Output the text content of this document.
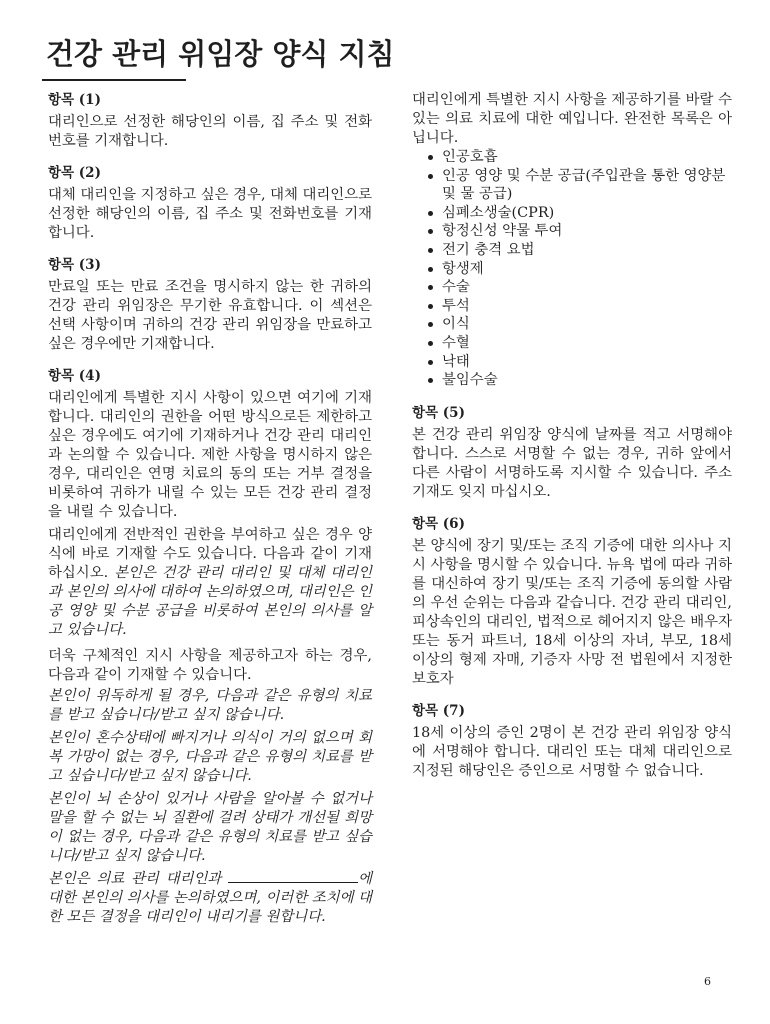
건강 관리 위임장 양식 지침
항목 (1)

대리인으로 선정한 해당인의 이름, 집 주소 및 전화번호를 기재합니다.

항목 (2)

대체 대리인을 지정하고 싶은 경우, 대체 대리인으로 선정한 해당인의 이름, 집 주소 및 전화번호를 기재합니다.

항목 (3)

만료일 또는 만료 조건을 명시하지 않는 한 귀하의 건강 관리 위임장은 무기한 유효합니다. 이 섹션은 선택 사항이며 귀하의 건강 관리 위임장을 만료하고 싶은 경우에만 기재합니다.

항목 (4)

대리인에게 특별한 지시 사항이 있으면 여기에 기재합니다. 대리인의 권한을 어떤 방식으로든 제한하고 싶은 경우에도 여기에 기재하거나 건강 관리 대리인과 논의할 수 있습니다. 제한 사항을 명시하지 않은 경우, 대리인은 연명 치료의 동의 또는 거부 결정을 비롯하여 귀하가 내릴 수 있는 모든 건강 관리 결정을 내릴 수 있습니다.

대리인에게 전반적인 권한을 부여하고 싶은 경우 양식에 바로 기재할 수도 있습니다. 다음과 같이 기재하십시오. 본인은 건강 관리 대리인 및 대체 대리인과 본인의 의사에 대하여 논의하였으며, 대리인은 인공 영양 및 수분 공급을 비롯하여 본인의 의사를 알고 있습니다.

더욱 구체적인 지시 사항을 제공하고자 하는 경우, 다음과 같이 기재할 수 있습니다.

본인이 위독하게 될 경우, 다음과 같은 유형의 치료를 받고 싶습니다/받고 싶지 않습니다.

본인이 혼수상태에 빠지거나 의식이 거의 없으며 회복 가망이 없는 경우, 다음과 같은 유형의 치료를 받고 싶습니다/받고 싶지 않습니다.

본인이 뇌 손상이 있거나 사람을 알아볼 수 없거나 말을 할 수 없는 뇌 질환에 걸려 상태가 개선될 희망이 없는 경우, 다음과 같은 유형의 치료를 받고 싶습니다/받고 싶지 않습니다.

본인은 의료 관리 대리인과	에 대한 본인의 의사를 논의하였으며, 이러한 조치에 대한 모든 결정을 대리인이 내리기를 원합니다.

대리인에게 특별한 지시 사항을 제공하기를 바랄 수 있는 의료 치료에 대한 예입니다. 완전한 목록은 아닙니다.

인공호흡
인공 영양 및 수분 공급(주입관을 통한 영양분 및 물 공급)
심폐소생술(CPR)
항정신성 약물 투여
전기 충격 요법
항생제
수술
투석
이식
수혈
낙태
불임수술
항목 (5)

본 건강 관리 위임장 양식에 날짜를 적고 서명해야 합니다. 스스로 서명할 수 없는 경우, 귀하 앞에서 다른 사람이 서명하도록 지시할 수 있습니다. 주소 기재도 잊지 마십시오.

항목 (6)

본 양식에 장기 및/또는 조직 기증에 대한 의사나 지시 사항을 명시할 수 있습니다. 뉴욕 법에 따라 귀하를 대신하여 장기 및/또는 조직 기증에 동의할 사람의 우선 순위는 다음과 같습니다. 건강 관리 대리인, 피상속인의 대리인, 법적으로 헤어지지 않은 배우자 또는 동거 파트너, 18세 이상의 자녀, 부모, 18세 이상의 형제 자매, 기증자 사망 전 법원에서 지정한 보호자

항목 (7)

18세 이상의 증인 2명이 본 건강 관리 위임장 양식에 서명해야 합니다. 대리인 또는 대체 대리인으로 지정된 해당인은 증인으로 서명할 수 없습니다.

6
